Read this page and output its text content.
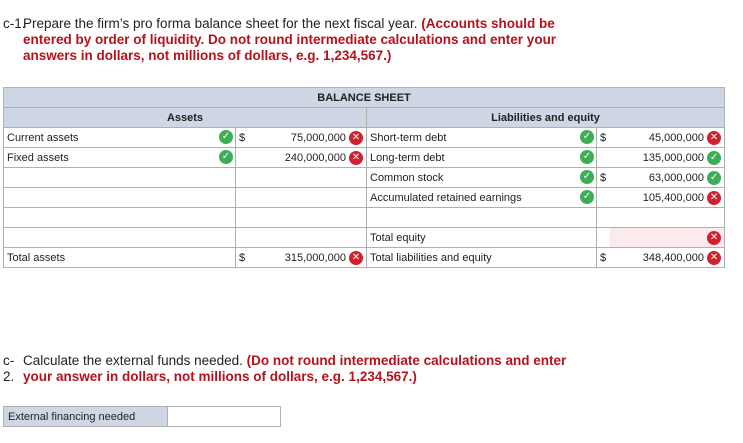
c-1.
Prepare the firm’s pro forma balance sheet for the next fiscal year. (Accounts should be entered by order of liquidity. Do not round intermediate calculations and enter your answers in dollars, not millions of dollars, e.g. 1,234,567.)
BALANCE SHEET					
Assets			Liabilities and equity		
Current assets ✓	$	75,000,000 ✕	Short-term debt ✓	$	45,000,000 ✕
Fixed assets ✓		240,000,000 ✕	Long-term debt ✓		135,000,000 ✓
			Common stock ✓	$	63,000,000 ✓
			Accumulated retained earnings ✓		105,400,000 ✕

			Total equity		✕
Total assets	$	315,000,000 ✕	Total liabilities and equity	$	348,400,000 ✕
c-
2.
Calculate the external funds needed. (Do not round intermediate calculations and enter your answer in dollars, not millions of dollars, e.g. 1,234,567.)
External financing needed	
